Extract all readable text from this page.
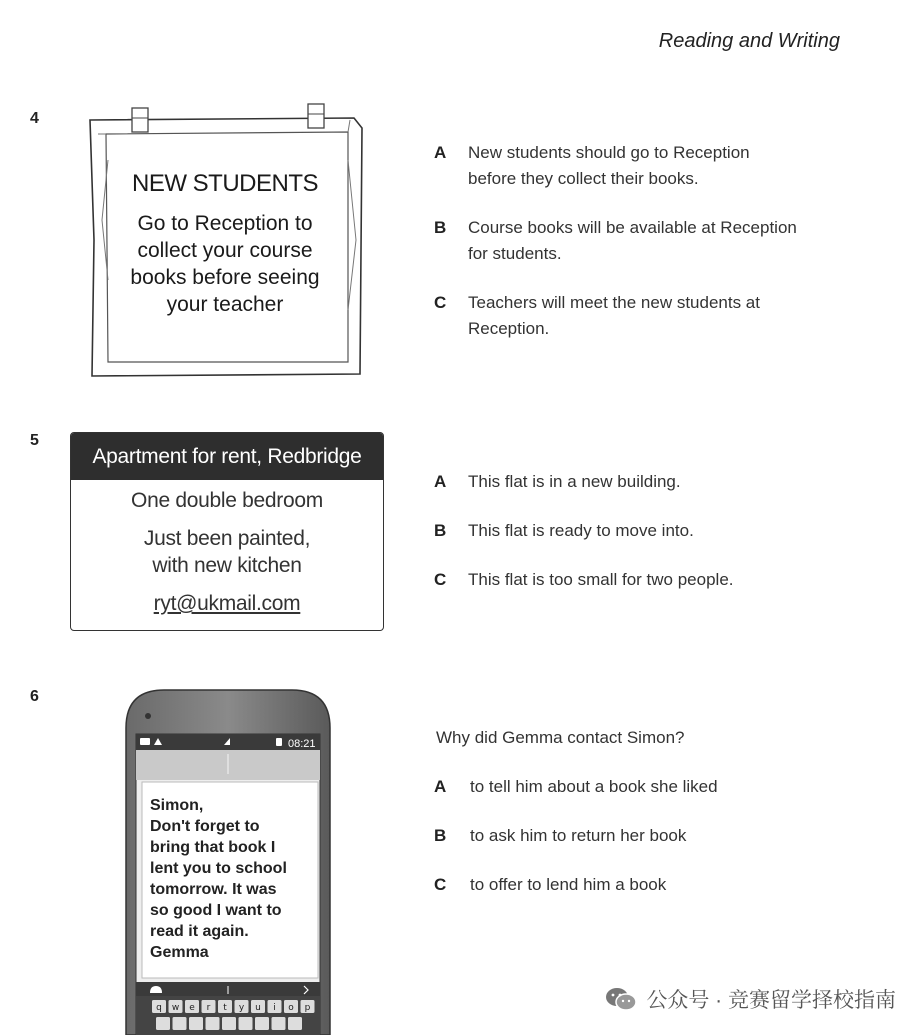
Reading and Writing
4
NEW STUDENTS
Go to Reception to
collect your course
books before seeing
your teacher
A New students should go to Reception
before they collect their books.
B Course books will be available at Reception
for students.
C Teachers will meet the new students at
Reception.
5
Apartment for rent, Redbridge
One double bedroom
Just been painted,
with new kitchen
ryt@ukmail.com
A This flat is in a new building.
B This flat is ready to move into.
C This flat is too small for two people.
6
q w e r t y u i o p
08:21
Simon,
Don't forget to
bring that book I
lent you to school
tomorrow. It was
so good I want to
read it again.
Gemma
Why did Gemma contact Simon?
A to tell him about a book she liked
B to ask him to return her book
C to offer to lend him a book
公众号 · 竞赛留学择校指南
